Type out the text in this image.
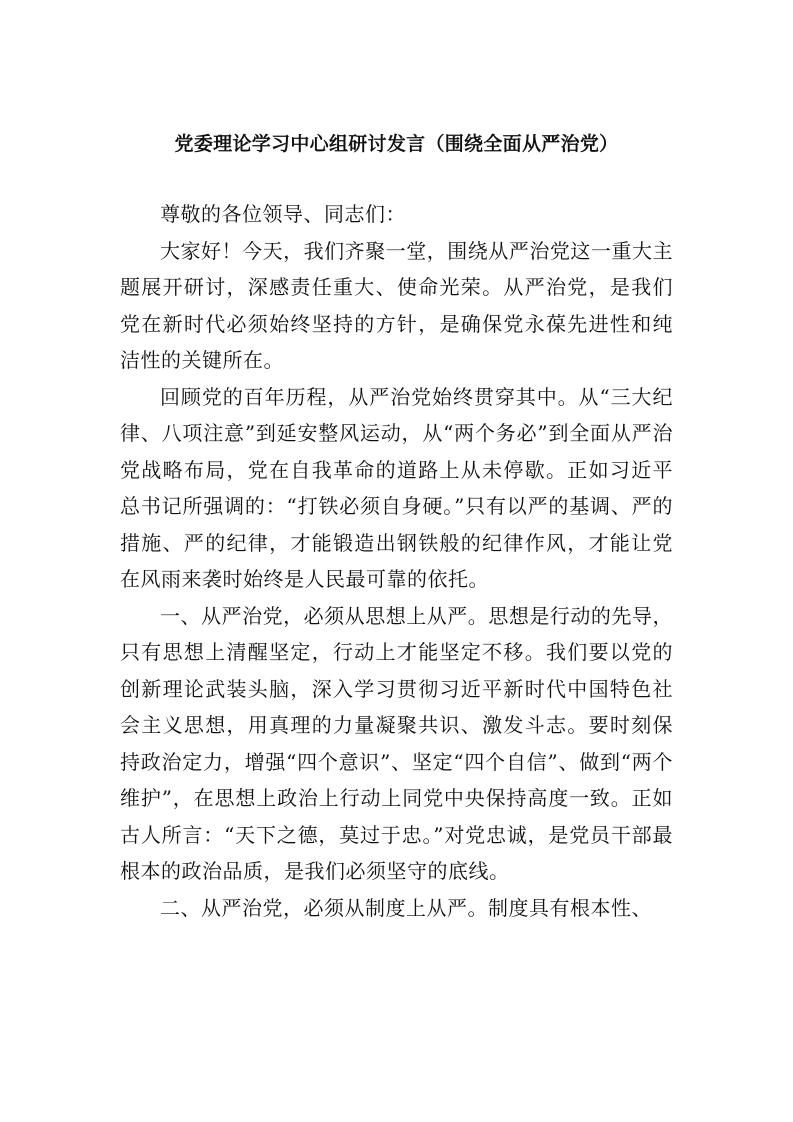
党委理论学习中心组研讨发言（围绕全面从严治党）

尊敬的各位领导、同志们：

大家好！今天，我们齐聚一堂，围绕从严治党这一重大主题展开研讨，深感责任重大、使命光荣。从严治党，是我们党在新时代必须始终坚持的方针，是确保党永葆先进性和纯洁性的关键所在。

回顾党的百年历程，从严治党始终贯穿其中。从“三大纪律、八项注意”到延安整风运动，从“两个务必”到全面从严治党战略布局，党在自我革命的道路上从未停歇。正如习近平总书记所强调的：“打铁必须自身硬。”只有以严的基调、严的措施、严的纪律，才能锻造出钢铁般的纪律作风，才能让党在风雨来袭时始终是人民最可靠的依托。

一、从严治党，必须从思想上从严。思想是行动的先导，只有思想上清醒坚定，行动上才能坚定不移。我们要以党的创新理论武装头脑，深入学习贯彻习近平新时代中国特色社会主义思想，用真理的力量凝聚共识、激发斗志。要时刻保持政治定力，增强“四个意识”、坚定“四个自信”、做到“两个维护”，在思想上政治上行动上同党中央保持高度一致。正如古人所言：“天下之德，莫过于忠。”对党忠诚，是党员干部最根本的政治品质，是我们必须坚守的底线。

二、从严治党，必须从制度上从严。制度具有根本性、
